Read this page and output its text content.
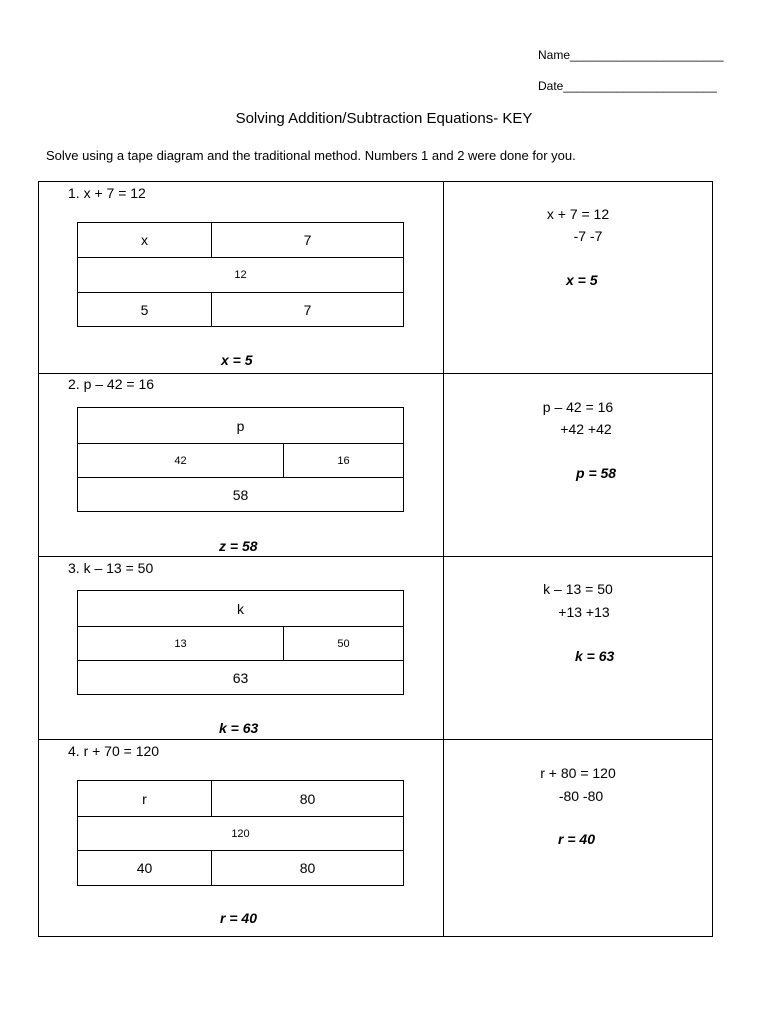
Name_______________________
Date_______________________
Solving Addition/Subtraction Equations- KEY
Solve using a tape diagram and the traditional method. Numbers 1 and 2 were done for you.
1. x + 7 = 12
x	7
12
5	7
x = 5
x + 7 = 12
-7 -7
x = 5
2. p – 42 = 16
p
42	16
58
z = 58
p – 42 = 16
+42 +42
p = 58
3. k – 13 = 50
k
13	50
63
k = 63
k – 13 = 50
+13 +13
k = 63
4. r + 70 = 120
r	80
120
40	80
r = 40
r + 80 = 120
-80 -80
r = 40
